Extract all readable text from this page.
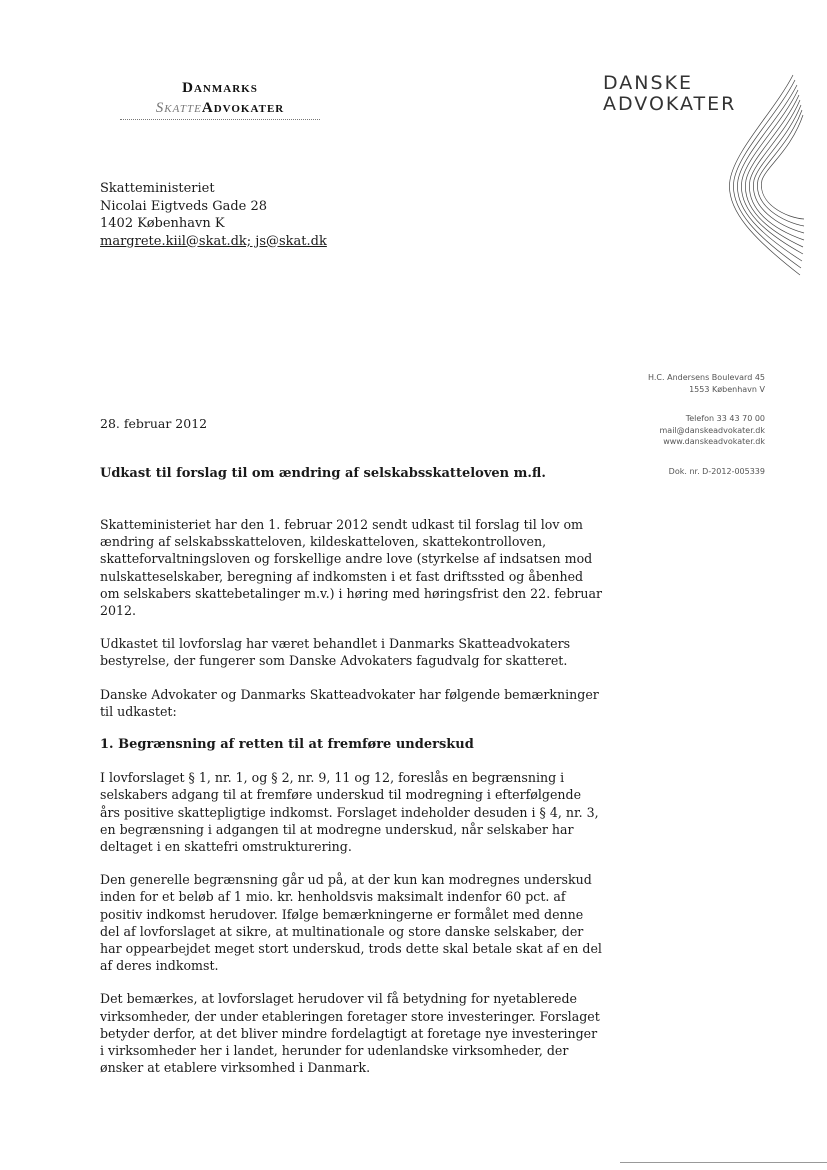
Danmarks
SkatteAdvokater
DANSKE
ADVOKATER
Skatteministeriet
Nicolai Eigtveds Gade 28
1402 København K
margrete.kiil@skat.dk; js@skat.dk
H.C. Andersens Boulevard 45
1553 København V
Telefon 33 43 70 00
mail@danskeadvokater.dk
www.danskeadvokater.dk
Dok. nr. D-2012-005339
28. februar 2012
Udkast til forslag til om ændring af selskabsskatteloven m.fl.

Skatteministeriet har den 1. februar 2012 sendt udkast til forslag til lov om ændring af selskabsskatteloven, kildeskatteloven, skattekontrolloven, skatteforvaltningsloven og forskellige andre love (styrkelse af indsatsen mod nulskatteselskaber, beregning af indkomsten i et fast driftssted og åbenhed om selskabers skattebetalinger m.v.) i høring med høringsfrist den 22. februar 2012.

Udkastet til lovforslag har været behandlet i Danmarks Skatteadvokaters bestyrelse, der fungerer som Danske Advokaters fagudvalg for skatteret.

Danske Advokater og Danmarks Skatteadvokater har følgende bemærkninger til udkastet:

1. Begrænsning af retten til at fremføre underskud

I lovforslaget § 1, nr. 1, og § 2, nr. 9, 11 og 12, foreslås en begrænsning i selskabers adgang til at fremføre underskud til modregning i efterfølgende års positive skattepligtige indkomst. Forslaget indeholder desuden i § 4, nr. 3, en begrænsning i adgangen til at modregne underskud, når selskaber har deltaget i en skattefri omstrukturering.

Den generelle begrænsning går ud på, at der kun kan modregnes underskud inden for et beløb af 1 mio. kr. henholdsvis maksimalt indenfor 60 pct. af positiv indkomst herudover. Ifølge bemærkningerne er formålet med denne del af lovforslaget at sikre, at multinationale og store danske selskaber, der har oppearbejdet meget stort underskud, trods dette skal betale skat af en del af deres indkomst.

Det bemærkes, at lovforslaget herudover vil få betydning for nyetablerede virksomheder, der under etableringen foretager store investeringer. Forslaget betyder derfor, at det bliver mindre fordelagtigt at foretage nye investeringer i virksomheder her i landet, herunder for udenlandske virksomheder, der ønsker at etablere virksomhed i Danmark.
